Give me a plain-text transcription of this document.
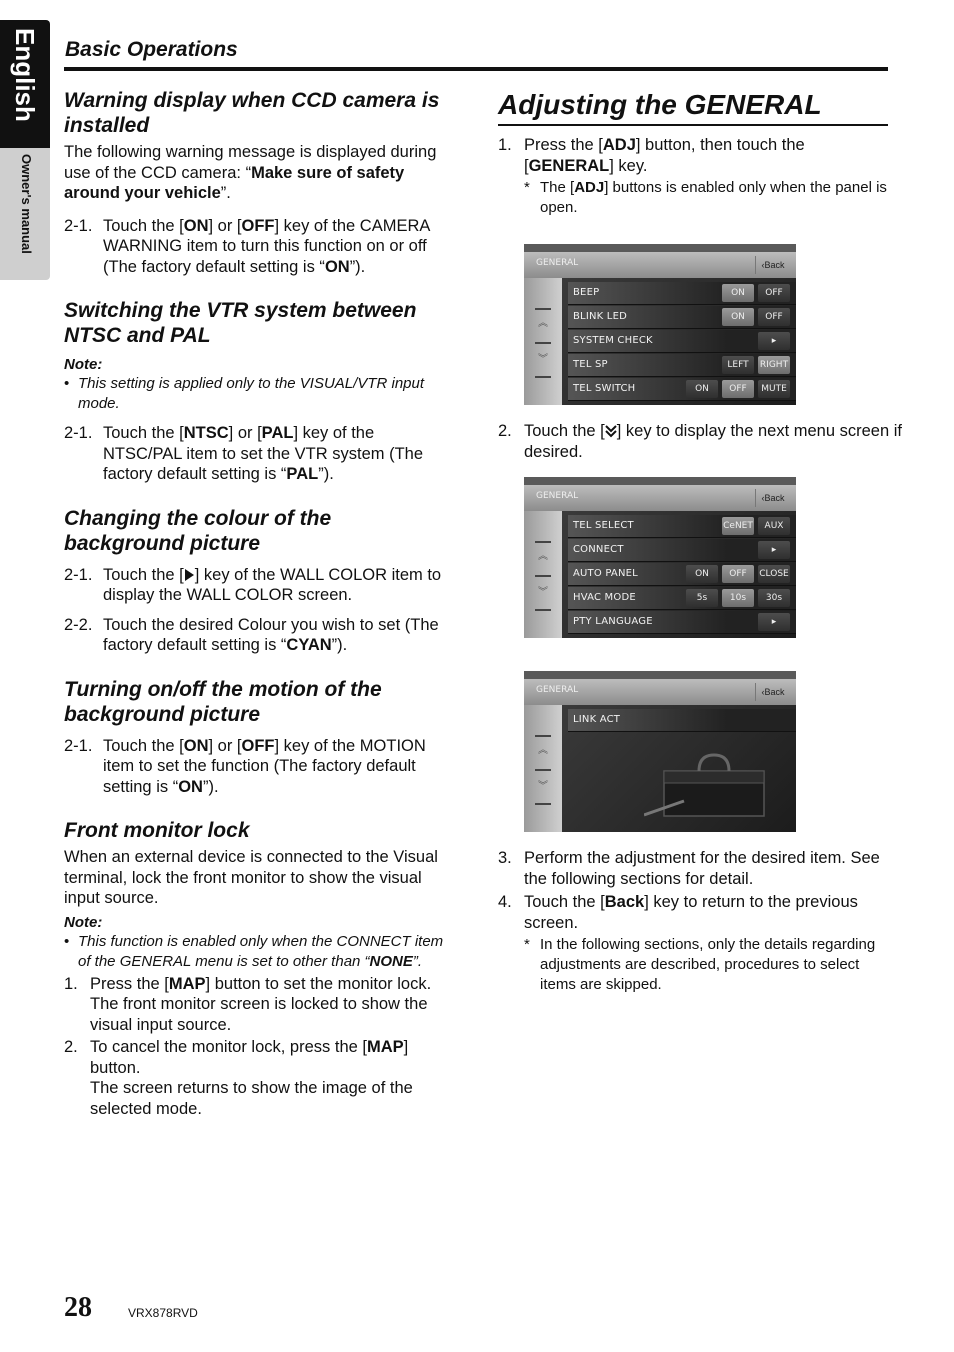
English
Owner's manual
Basic Operations
Warning display when CCD camera is installed

The following warning message is displayed during use of the CCD camera: “Make sure of safety around your vehicle”.

2-1. Touch the [ON] or [OFF] key of the CAMERA WARNING item to turn this function on or off (The factory default setting is “ON”).
Switching the VTR system between NTSC and PAL

Note:

• This setting is applied only to the VISUAL/VTR input mode.

2-1. Touch the [NTSC] or [PAL] key of the NTSC/PAL item to set the VTR system (The factory default setting is “PAL”).
Changing the colour of the background picture
2-1. Touch the [ ] key of the WALL COLOR item to display the WALL COLOR screen.
2-2. Touch the desired Colour you wish to set (The factory default setting is “CYAN”).
Turning on/off the motion of the background picture
2-1. Touch the [ON] or [OFF] key of the MOTION item to set the function (The factory default setting is “ON”).
Front monitor lock

When an external device is connected to the Visual terminal, lock the front monitor to show the visual input source.

Note:

• This function is enabled only when the CONNECT item of the GENERAL menu is set to other than “NONE”.

1. Press the [MAP] button to set the monitor lock.
The front monitor screen is locked to show the visual input source.
2. To cancel the monitor lock, press the [MAP] button.
The screen returns to show the image of the selected mode.
Adjusting the GENERAL
1. Press the [ADJ] button, then touch the [GENERAL] key.
* The [ADJ] buttons is enabled only when the panel is open.
GENERAL	‹Back
︽
︾
BEEP	ON	OFF
BLINK LED	ON	OFF
SYSTEM CHECK	▸
TEL SP	LEFT	RIGHT
TEL SWITCH	ON	OFF	MUTE
2. Touch the [ ] key to display the next menu screen if desired.
GENERAL	‹Back
︽
︾
TEL SELECT	CeNET	AUX
CONNECT	▸
AUTO PANEL	ON	OFF	CLOSE
HVAC MODE	5s	10s	30s
PTY LANGUAGE	▸
GENERAL	‹Back
︽
︾
LINK ACT
3. Perform the adjustment for the desired item. See the following sections for detail.
4. Touch the [Back] key to return to the previous screen.
* In the following sections, only the details regarding adjustments are described, procedures to select items are skipped.
28	VRX878RVD
